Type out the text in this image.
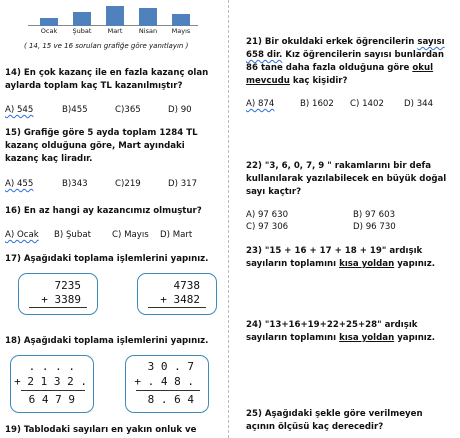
Ocak Şubat Mart	Nisan Mayıs
( 14, 15 ve 16 soruları grafiğe göre yanıtlayın )
14) En çok kazanç ile en fazla kazanç olan aylarda toplam kaç TL kazanılmıştır?
A) 545	B)455	C)365	D) 90
15) Grafiğe göre 5 ayda toplam 1284 TL kazanç olduğuna göre, Mart ayındaki kazanç kaç liradır.
A) 455	B)343	C)219	D) 317
16) En az hangi ay kazancımız olmuştur?
A) Ocak B) Şubat C) Mayıs D) Mart
17) Aşağıdaki toplama işlemlerini yapınız.
7235
+ 3389
4738
+ 3482
18) Aşağıdaki toplama işlemlerini yapınız.
. . . .
+ 2 1 3 2 .
6 4 7 9
3 0 . 7
+ . 4 8 .
8 . 6 4
19) Tablodaki sayıları en yakın onluk ve
21) Bir okuldaki erkek öğrencilerin sayısı 658 dir. Kız öğrencilerin sayısı bunlardan 86 tane daha fazla olduğuna göre okul mevcudu kaç kişidir?
A) 874	B) 1602 C) 1402 D) 344
22) "3, 6, 0, 7, 9 " rakamlarını bir defa kullanılarak yazılabilecek en büyük doğal sayı kaçtır?
A) 97 630	B) 97 603
C) 97 306	D) 96 730
23) "15 + 16 + 17 + 18 + 19" ardışık sayıların toplamını kısa yoldan yapınız.
24) "13+16+19+22+25+28" ardışık sayıların toplamını kısa yoldan yapınız.
25) Aşağıdaki şekle göre verilmeyen açının ölçüsü kaç derecedir?
